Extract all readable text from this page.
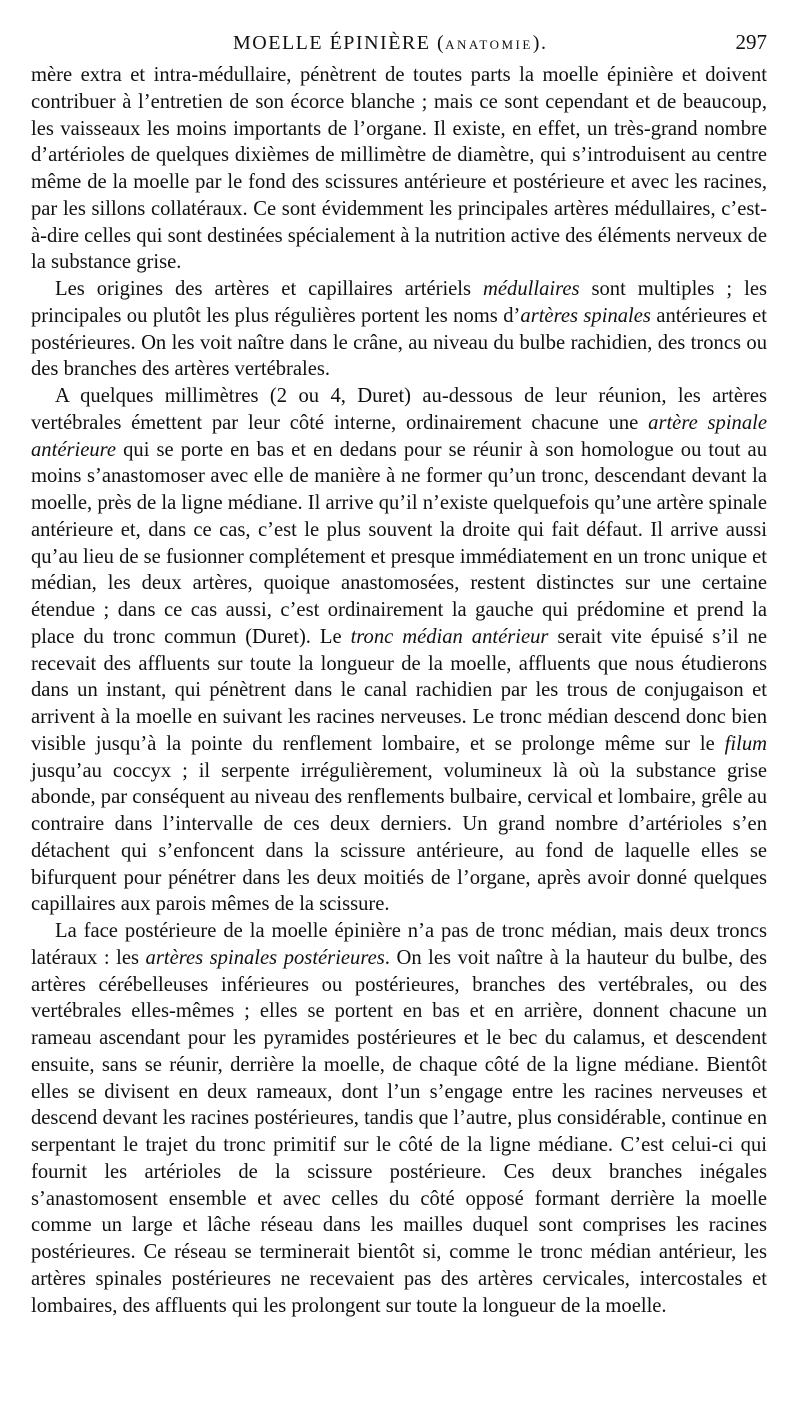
MOELLE ÉPINIÈRE (ANATOMIE).	297

mère extra et intra-médullaire, pénètrent de toutes parts la moelle épinière et doivent contribuer à l’entretien de son écorce blanche ; mais ce sont cependant et de beaucoup, les vaisseaux les moins importants de l’organe. Il existe, en effet, un très-grand nombre d’artérioles de quelques dixièmes de millimètre de diamètre, qui s’introduisent au centre même de la moelle par le fond des scissures antérieure et postérieure et avec les racines, par les sillons collatéraux. Ce sont évidemment les principales artères médullaires, c’est-à-dire celles qui sont destinées spécialement à la nutrition active des éléments nerveux de la substance grise.

Les origines des artères et capillaires artériels médullaires sont multiples ; les principales ou plutôt les plus régulières portent les noms d’artères spinales antérieures et postérieures. On les voit naître dans le crâne, au niveau du bulbe rachidien, des troncs ou des branches des artères vertébrales.

A quelques millimètres (2 ou 4, Duret) au-dessous de leur réunion, les artères vertébrales émettent par leur côté interne, ordinairement chacune une artère spinale antérieure qui se porte en bas et en dedans pour se réunir à son homologue ou tout au moins s’anastomoser avec elle de manière à ne former qu’un tronc, descendant devant la moelle, près de la ligne médiane. Il arrive qu’il n’existe quelquefois qu’une artère spinale antérieure et, dans ce cas, c’est le plus souvent la droite qui fait défaut. Il arrive aussi qu’au lieu de se fusionner complétement et presque immédiatement en un tronc unique et médian, les deux artères, quoique anastomosées, restent distinctes sur une certaine étendue ; dans ce cas aussi, c’est ordinairement la gauche qui prédomine et prend la place du tronc commun (Duret). Le tronc médian antérieur serait vite épuisé s’il ne recevait des affluents sur toute la longueur de la moelle, affluents que nous étudierons dans un instant, qui pénètrent dans le canal rachidien par les trous de conjugaison et arrivent à la moelle en suivant les racines nerveuses. Le tronc médian descend donc bien visible jusqu’à la pointe du renflement lombaire, et se prolonge même sur le filum jusqu’au coccyx ; il serpente irrégulièrement, volumineux là où la substance grise abonde, par conséquent au niveau des renflements bulbaire, cervical et lombaire, grêle au contraire dans l’intervalle de ces deux derniers. Un grand nombre d’artérioles s’en détachent qui s’enfoncent dans la scissure antérieure, au fond de laquelle elles se bifurquent pour pénétrer dans les deux moitiés de l’organe, après avoir donné quelques capillaires aux parois mêmes de la scissure.

La face postérieure de la moelle épinière n’a pas de tronc médian, mais deux troncs latéraux : les artères spinales postérieures. On les voit naître à la hauteur du bulbe, des artères cérébelleuses inférieures ou postérieures, branches des vertébrales, ou des vertébrales elles-mêmes ; elles se portent en bas et en arrière, donnent chacune un rameau ascendant pour les pyramides postérieures et le bec du calamus, et descendent ensuite, sans se réunir, derrière la moelle, de chaque côté de la ligne médiane. Bientôt elles se divisent en deux rameaux, dont l’un s’engage entre les racines nerveuses et descend devant les racines postérieures, tandis que l’autre, plus considérable, continue en serpentant le trajet du tronc primitif sur le côté de la ligne médiane. C’est celui-ci qui fournit les artérioles de la scissure postérieure. Ces deux branches inégales s’anastomosent ensemble et avec celles du côté opposé formant derrière la moelle comme un large et lâche réseau dans les mailles duquel sont comprises les racines postérieures. Ce réseau se terminerait bientôt si, comme le tronc médian antérieur, les artères spinales postérieures ne recevaient pas des artères cervicales, intercostales et lombaires, des affluents qui les prolongent sur toute la longueur de la moelle.
